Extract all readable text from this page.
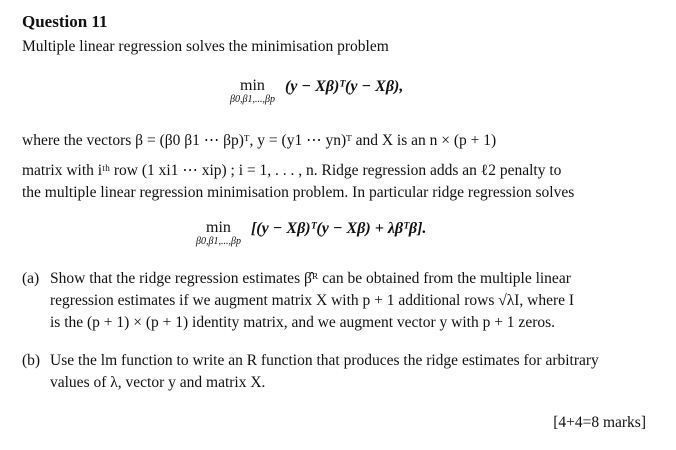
Question 11
Multiple linear regression solves the minimisation problem
min
β0,β1,...,βp
(y − Xβ)ᵀ(y − Xβ),
where the vectors β = (β0 β1 ⋯ βp)ᵀ, y = (y1 ⋯ yn)ᵀ and X is an n × (p + 1)
matrix with iᵗʰ row (1 xi1 ⋯ xip) ; i = 1, . . . , n. Ridge regression adds an ℓ2 penalty to
the multiple linear regression minimisation problem. In particular ridge regression solves
min
β0,β1,...,βp
[(y − Xβ)ᵀ(y − Xβ) + λβᵀβ].
(a) Show that the ridge regression estimates β̂ᴿ can be obtained from the multiple linear
regression estimates if we augment matrix X with p + 1 additional rows √λI, where I
is the (p + 1) × (p + 1) identity matrix, and we augment vector y with p + 1 zeros.
(b) Use the lm function to write an R function that produces the ridge estimates for arbitrary
values of λ, vector y and matrix X.
[4+4=8 marks]
